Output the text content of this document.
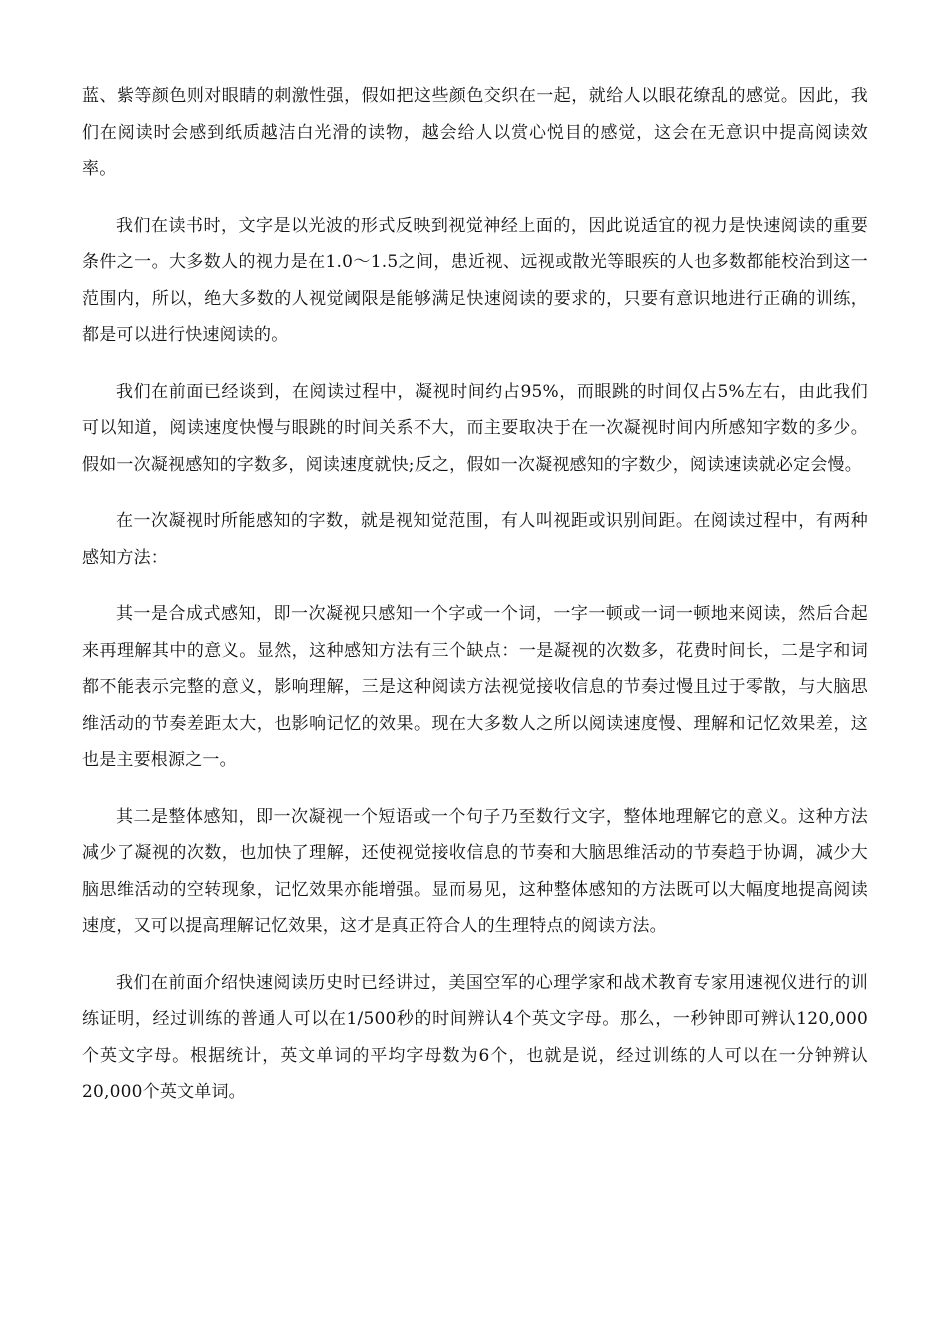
蓝、紫等颜色则对眼睛的刺激性强，假如把这些颜色交织在一起，就给人以眼花缭乱的感觉。因此，我们在阅读时会感到纸质越洁白光滑的读物，越会给人以赏心悦目的感觉，这会在无意识中提高阅读效率。

我们在读书时，文字是以光波的形式反映到视觉神经上面的，因此说适宜的视力是快速阅读的重要条件之一。大多数人的视力是在1.0～1.5之间，患近视、远视或散光等眼疾的人也多数都能校治到这一范围内，所以，绝大多数的人视觉阈限是能够满足快速阅读的要求的，只要有意识地进行正确的训练，都是可以进行快速阅读的。

我们在前面已经谈到，在阅读过程中，凝视时间约占95%，而眼跳的时间仅占5%左右，由此我们可以知道，阅读速度快慢与眼跳的时间关系不大，而主要取决于在一次凝视时间内所感知字数的多少。假如一次凝视感知的字数多，阅读速度就快;反之，假如一次凝视感知的字数少，阅读速读就必定会慢。

在一次凝视时所能感知的字数，就是视知觉范围，有人叫视距或识别间距。在阅读过程中，有两种感知方法：

其一是合成式感知，即一次凝视只感知一个字或一个词，一字一顿或一词一顿地来阅读，然后合起来再理解其中的意义。显然，这种感知方法有三个缺点：一是凝视的次数多，花费时间长，二是字和词都不能表示完整的意义，影响理解，三是这种阅读方法视觉接收信息的节奏过慢且过于零散，与大脑思维活动的节奏差距太大，也影响记忆的效果。现在大多数人之所以阅读速度慢、理解和记忆效果差，这也是主要根源之一。

其二是整体感知，即一次凝视一个短语或一个句子乃至数行文字，整体地理解它的意义。这种方法减少了凝视的次数，也加快了理解，还使视觉接收信息的节奏和大脑思维活动的节奏趋于协调，减少大脑思维活动的空转现象，记忆效果亦能增强。显而易见，这种整体感知的方法既可以大幅度地提高阅读速度，又可以提高理解记忆效果，这才是真正符合人的生理特点的阅读方法。

我们在前面介绍快速阅读历史时已经讲过，美国空军的心理学家和战术教育专家用速视仪进行的训练证明，经过训练的普通人可以在1/500秒的时间辨认4个英文字母。那么，一秒钟即可辨认120,000个英文字母。根据统计，英文单词的平均字母数为6个，也就是说，经过训练的人可以在一分钟辨认20,000个英文单词。
